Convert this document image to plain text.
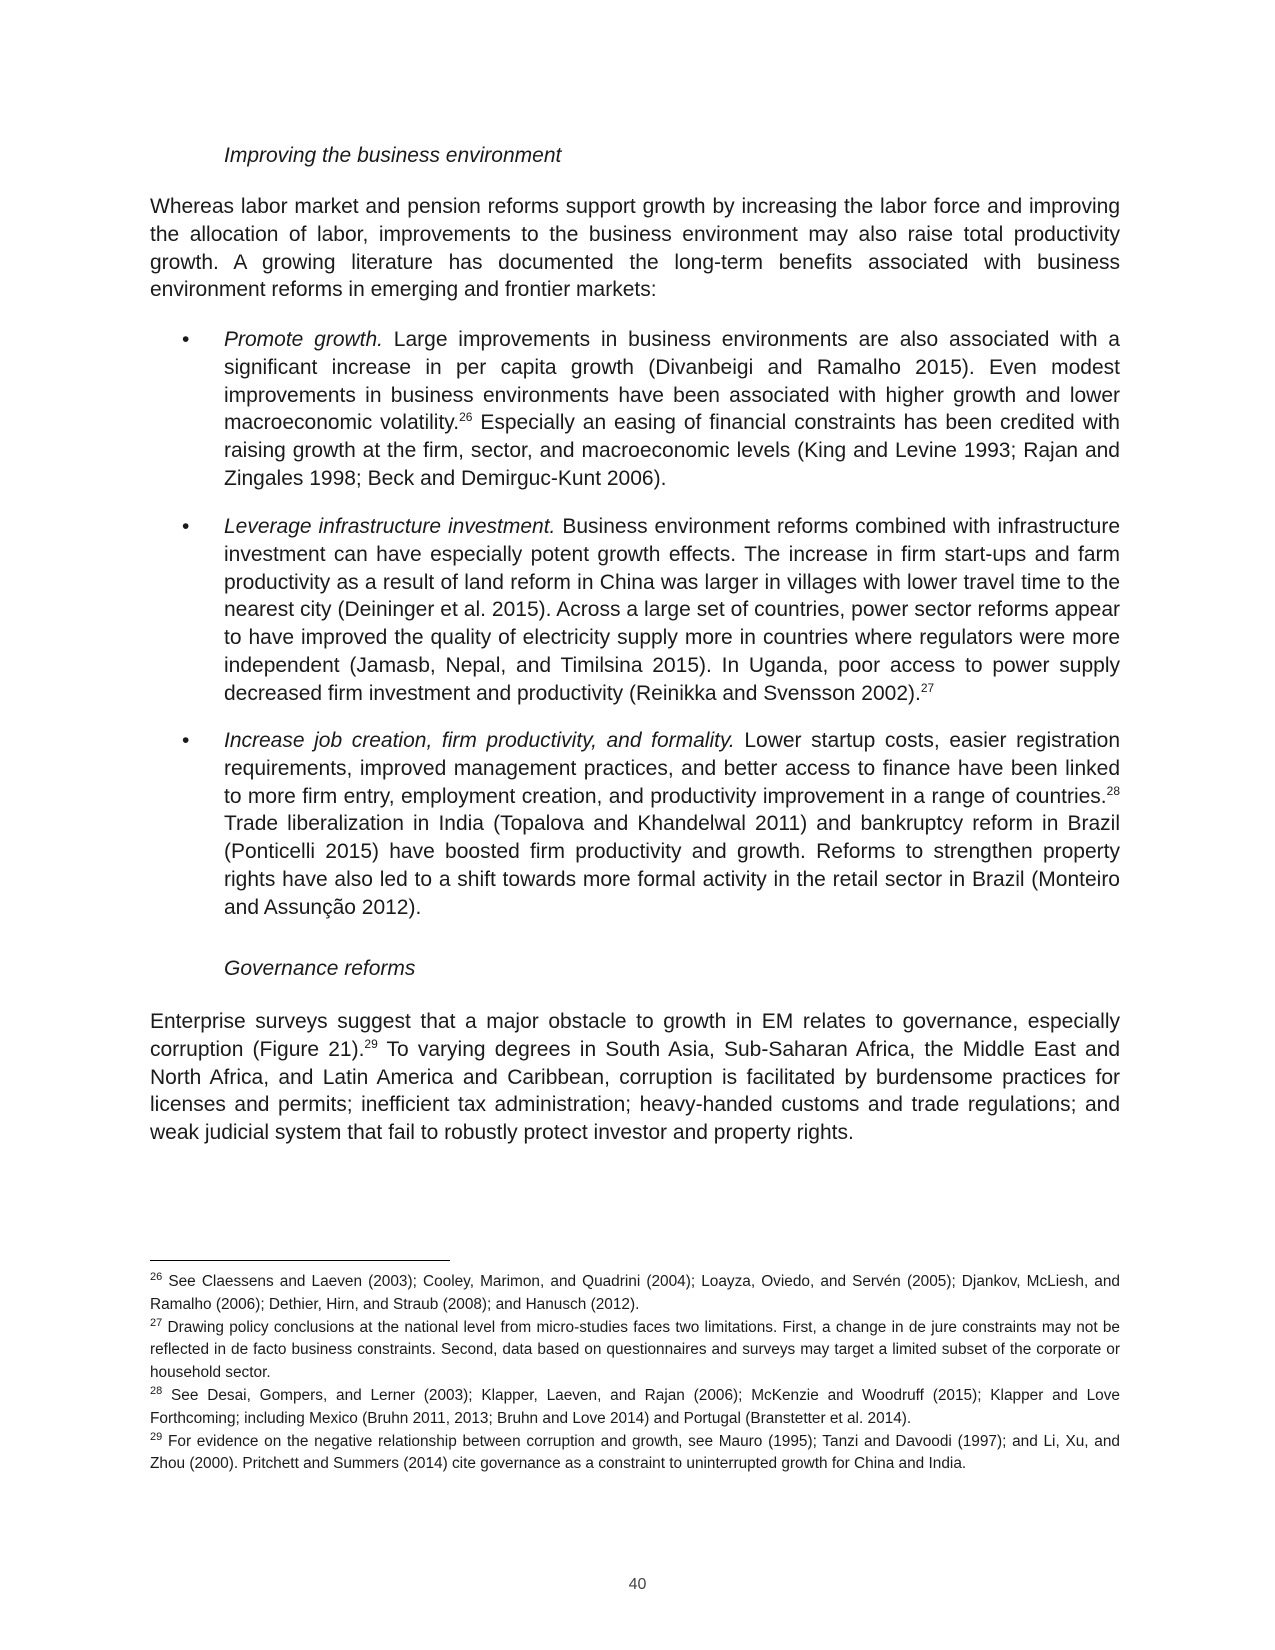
Improving the business environment
Whereas labor market and pension reforms support growth by increasing the labor force and improving the allocation of labor, improvements to the business environment may also raise total productivity growth. A growing literature has documented the long-term benefits associated with business environment reforms in emerging and frontier markets:
• Promote growth. Large improvements in business environments are also associated with a significant increase in per capita growth (Divanbeigi and Ramalho 2015). Even modest improvements in business environments have been associated with higher growth and lower macroeconomic volatility.$^{26}$ Especially an easing of financial constraints has been credited with raising growth at the firm, sector, and macroeconomic levels (King and Levine 1993; Rajan and Zingales 1998; Beck and Demirguc-Kunt 2006).
• Leverage infrastructure investment. Business environment reforms combined with infrastructure investment can have especially potent growth effects. The increase in firm start-ups and farm productivity as a result of land reform in China was larger in villages with lower travel time to the nearest city (Deininger et al. 2015). Across a large set of countries, power sector reforms appear to have improved the quality of electricity supply more in countries where regulators were more independent (Jamasb, Nepal, and Timilsina 2015). In Uganda, poor access to power supply decreased firm investment and productivity (Reinikka and Svensson 2002).$^{27}$
• Increase job creation, firm productivity, and formality. Lower startup costs, easier registration requirements, improved management practices, and better access to finance have been linked to more firm entry, employment creation, and productivity improvement in a range of countries.$^{28}$ Trade liberalization in India (Topalova and Khandelwal 2011) and bankruptcy reform in Brazil (Ponticelli 2015) have boosted firm productivity and growth. Reforms to strengthen property rights have also led to a shift towards more formal activity in the retail sector in Brazil (Monteiro and Assunção 2012).
Governance reforms
Enterprise surveys suggest that a major obstacle to growth in EM relates to governance, especially corruption (Figure 21).$^{29}$ To varying degrees in South Asia, Sub-Saharan Africa, the Middle East and North Africa, and Latin America and Caribbean, corruption is facilitated by burdensome practices for licenses and permits; inefficient tax administration; heavy-handed customs and trade regulations; and weak judicial system that fail to robustly protect investor and property rights.

$^{26}$ See Claessens and Laeven (2003); Cooley, Marimon, and Quadrini (2004); Loayza, Oviedo, and Servén (2005); Djankov, McLiesh, and Ramalho (2006); Dethier, Hirn, and Straub (2008); and Hanusch (2012).

$^{27}$ Drawing policy conclusions at the national level from micro-studies faces two limitations. First, a change in de jure constraints may not be reflected in de facto business constraints. Second, data based on questionnaires and surveys may target a limited subset of the corporate or household sector.

$^{28}$ See Desai, Gompers, and Lerner (2003); Klapper, Laeven, and Rajan (2006); McKenzie and Woodruff (2015); Klapper and Love Forthcoming; including Mexico (Bruhn 2011, 2013; Bruhn and Love 2014) and Portugal (Branstetter et al. 2014).

$^{29}$ For evidence on the negative relationship between corruption and growth, see Mauro (1995); Tanzi and Davoodi (1997); and Li, Xu, and Zhou (2000). Pritchett and Summers (2014) cite governance as a constraint to uninterrupted growth for China and India.

40
